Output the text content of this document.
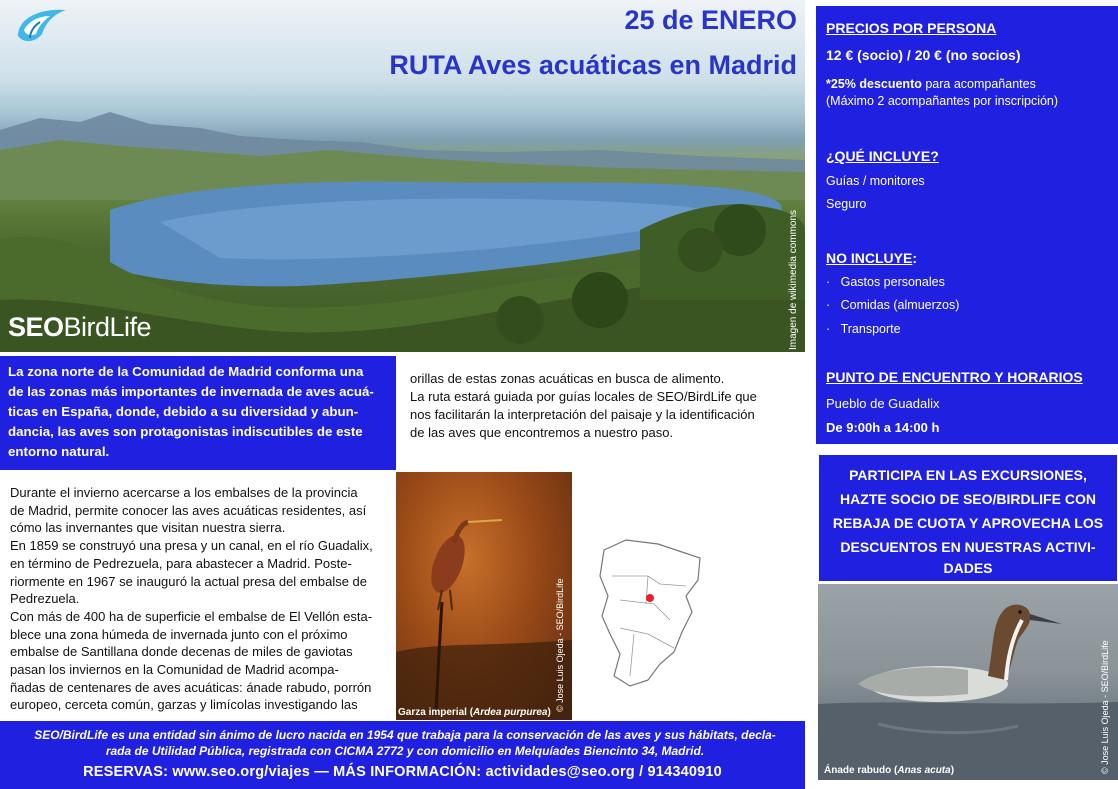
25 de ENERO
RUTA Aves acuáticas en Madrid
Imagen de wikimedia commons
SEOBirdLife
PRECIOS POR PERSONA
12 € (socio) / 20 € (no socios)
*25% descuento para acompañantes
(Máximo 2 acompañantes por inscripción)
¿QUÉ INCLUYE?
Guías / monitores
Seguro
NO INCLUYE:
·   Gastos personales
·   Comidas (almuerzos)
·   Transporte
PUNTO DE ENCUENTRO Y HORARIOS
Pueblo de Guadalix
De 9:00h a 14:00 h
PARTICIPA EN LAS EXCURSIONES,
HAZTE SOCIO DE SEO/BIRDLIFE CON
REBAJA DE CUOTA Y APROVECHA LOS
DESCUENTOS EN NUESTRAS ACTIVI-
DADES
La zona norte de la Comunidad de Madrid conforma una
de las zonas más importantes de invernada de aves acuá-
ticas en España, donde, debido a su diversidad y abun-
dancia, las aves son protagonistas indiscutibles de este
entorno natural.
orillas de estas zonas acuáticas en busca de alimento.
La ruta estará guiada por guías locales de SEO/BirdLife que
nos facilitarán la interpretación del paisaje y la identificación
de las aves que encontremos a nuestro paso.
Durante el invierno acercarse a los embalses de la provincia
de Madrid, permite conocer las aves acuáticas residentes, así
cómo las invernantes que visitan nuestra sierra.
En 1859 se construyó una presa y un canal, en el río Guadalix,
en término de Pedrezuela, para abastecer a Madrid. Poste-
riormente en 1967 se inauguró la actual presa del embalse de
Pedrezuela.
Con más de 400 ha de superficie el embalse de El Vellón esta-
blece una zona húmeda de invernada junto con el próximo
embalse de Santillana donde decenas de miles de gaviotas
pasan los inviernos en la Comunidad de Madrid acompa-
ñadas de centenares de aves acuáticas: ánade rabudo, porrón
europeo, cerceta común, garzas y limícolas investigando las
Garza imperial (Ardea purpurea)
© Jose Luis Ojeda - SEO/BirdLife
Ánade rabudo (Anas acuta)	© Jose Luis Ojeda - SEO/BirdLife
SEO/BirdLife es una entidad sin ánimo de lucro nacida en 1954 que trabaja para la conservación de las aves y sus hábitats, decla-
rada de Utilidad Pública, registrada con CICMA 2772 y con domicilio en Melquíades Biencinto 34, Madrid.
RESERVAS: www.seo.org/viajes — MÁS INFORMACIÓN: actividades@seo.org / 914340910
